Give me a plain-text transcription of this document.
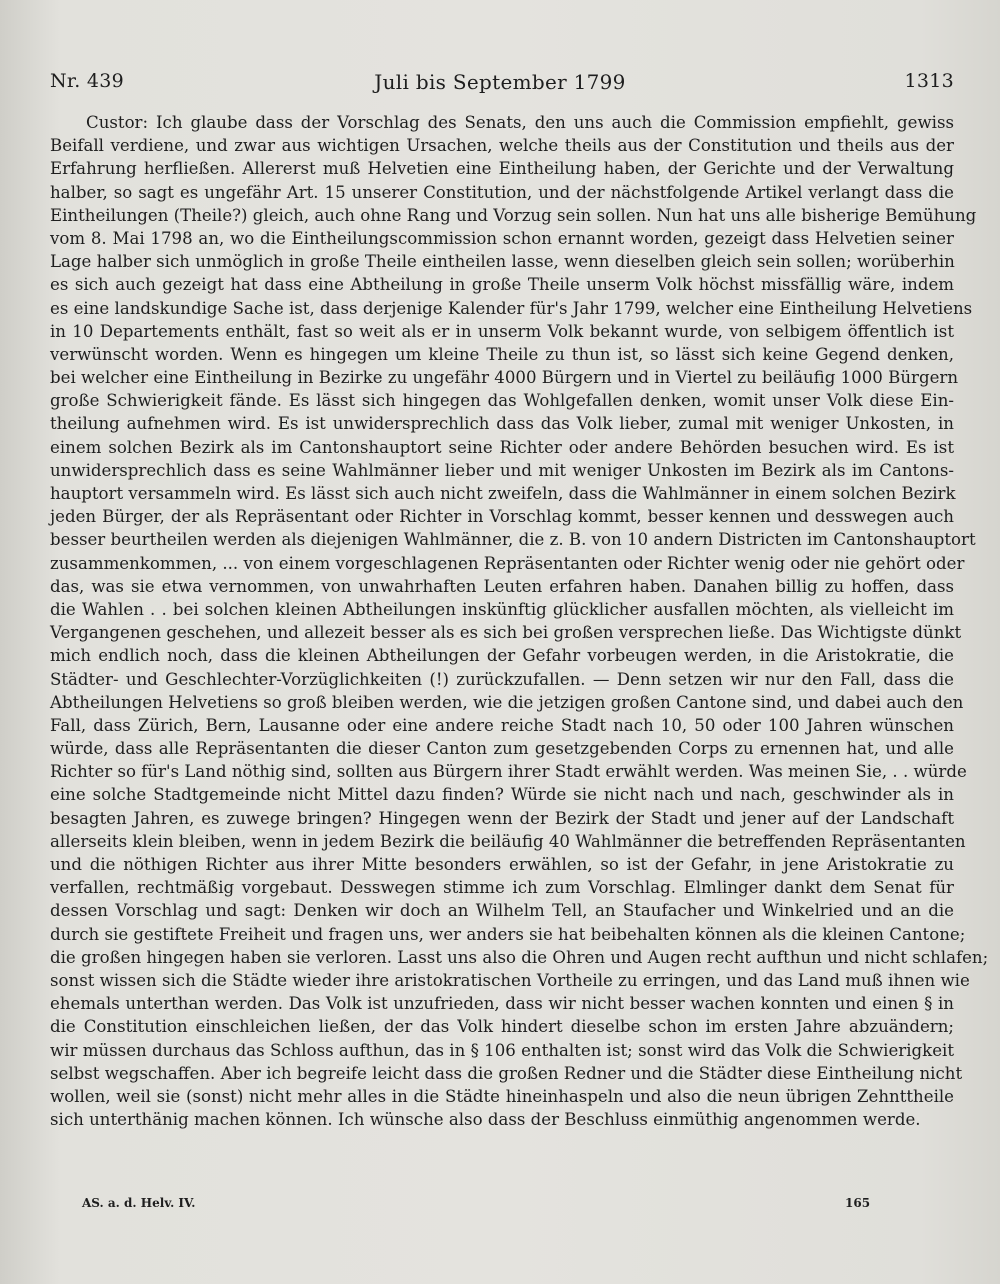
Nr. 439	Juli bis September 1799	1313
Custor: Ich glaube dass der Vorschlag des Senats, den uns auch die Commission empfiehlt, gewiss
Beifall verdiene, und zwar aus wichtigen Ursachen, welche theils aus der Constitution und theils aus der
Erfahrung herfließen. Allererst muß Helvetien eine Eintheilung haben, der Gerichte und der Verwaltung
halber, so sagt es ungefähr Art. 15 unserer Constitution, und der nächstfolgende Artikel verlangt dass die
Eintheilungen (Theile?) gleich, auch ohne Rang und Vorzug sein sollen. Nun hat uns alle bisherige Bemühung
vom 8. Mai 1798 an, wo die Eintheilungscommission schon ernannt worden, gezeigt dass Helvetien seiner
Lage halber sich unmöglich in große Theile eintheilen lasse, wenn dieselben gleich sein sollen; worüberhin
es sich auch gezeigt hat dass eine Abtheilung in große Theile unserm Volk höchst missfällig wäre, indem
es eine landskundige Sache ist, dass derjenige Kalender für's Jahr 1799, welcher eine Eintheilung Helvetiens
in 10 Departements enthält, fast so weit als er in unserm Volk bekannt wurde, von selbigem öffentlich ist
verwünscht worden. Wenn es hingegen um kleine Theile zu thun ist, so lässt sich keine Gegend denken,
bei welcher eine Eintheilung in Bezirke zu ungefähr 4000 Bürgern und in Viertel zu beiläufig 1000 Bürgern
große Schwierigkeit fände. Es lässt sich hingegen das Wohlgefallen denken, womit unser Volk diese Ein-
theilung aufnehmen wird. Es ist unwidersprechlich dass das Volk lieber, zumal mit weniger Unkosten, in
einem solchen Bezirk als im Cantonshauptort seine Richter oder andere Behörden besuchen wird. Es ist
unwidersprechlich dass es seine Wahlmänner lieber und mit weniger Unkosten im Bezirk als im Cantons-
hauptort versammeln wird. Es lässt sich auch nicht zweifeln, dass die Wahlmänner in einem solchen Bezirk
jeden Bürger, der als Repräsentant oder Richter in Vorschlag kommt, besser kennen und desswegen auch
besser beurtheilen werden als diejenigen Wahlmänner, die z. B. von 10 andern Districten im Cantonshauptort
zusammenkommen, ... von einem vorgeschlagenen Repräsentanten oder Richter wenig oder nie gehört oder
das, was sie etwa vernommen, von unwahrhaften Leuten erfahren haben. Danahen billig zu hoffen, dass
die Wahlen . . bei solchen kleinen Abtheilungen inskünftig glücklicher ausfallen möchten, als vielleicht im
Vergangenen geschehen, und allezeit besser als es sich bei großen versprechen ließe. Das Wichtigste dünkt
mich endlich noch, dass die kleinen Abtheilungen der Gefahr vorbeugen werden, in die Aristokratie, die
Städter- und Geschlechter-Vorzüglichkeiten (!) zurückzufallen. — Denn setzen wir nur den Fall, dass die
Abtheilungen Helvetiens so groß bleiben werden, wie die jetzigen großen Cantone sind, und dabei auch den
Fall, dass Zürich, Bern, Lausanne oder eine andere reiche Stadt nach 10, 50 oder 100 Jahren wünschen
würde, dass alle Repräsentanten die dieser Canton zum gesetzgebenden Corps zu ernennen hat, und alle
Richter so für's Land nöthig sind, sollten aus Bürgern ihrer Stadt erwählt werden. Was meinen Sie, . . würde
eine solche Stadtgemeinde nicht Mittel dazu finden? Würde sie nicht nach und nach, geschwinder als in
besagten Jahren, es zuwege bringen? Hingegen wenn der Bezirk der Stadt und jener auf der Landschaft
allerseits klein bleiben, wenn in jedem Bezirk die beiläufig 40 Wahlmänner die betreffenden Repräsentanten
und die nöthigen Richter aus ihrer Mitte besonders erwählen, so ist der Gefahr, in jene Aristokratie zu
verfallen, rechtmäßig vorgebaut. Desswegen stimme ich zum Vorschlag. Elmlinger dankt dem Senat für
dessen Vorschlag und sagt: Denken wir doch an Wilhelm Tell, an Staufacher und Winkelried und an die
durch sie gestiftete Freiheit und fragen uns, wer anders sie hat beibehalten können als die kleinen Cantone;
die großen hingegen haben sie verloren. Lasst uns also die Ohren und Augen recht aufthun und nicht schlafen;
sonst wissen sich die Städte wieder ihre aristokratischen Vortheile zu erringen, und das Land muß ihnen wie
ehemals unterthan werden. Das Volk ist unzufrieden, dass wir nicht besser wachen konnten und einen § in
die Constitution einschleichen ließen, der das Volk hindert dieselbe schon im ersten Jahre abzuändern;
wir müssen durchaus das Schloss aufthun, das in § 106 enthalten ist; sonst wird das Volk die Schwierigkeit
selbst wegschaffen. Aber ich begreife leicht dass die großen Redner und die Städter diese Eintheilung nicht
wollen, weil sie (sonst) nicht mehr alles in die Städte hineinhaspeln und also die neun übrigen Zehnttheile
sich unterthänig machen können. Ich wünsche also dass der Beschluss einmüthig angenommen werde.
AS. a. d. Helv. IV.	165
